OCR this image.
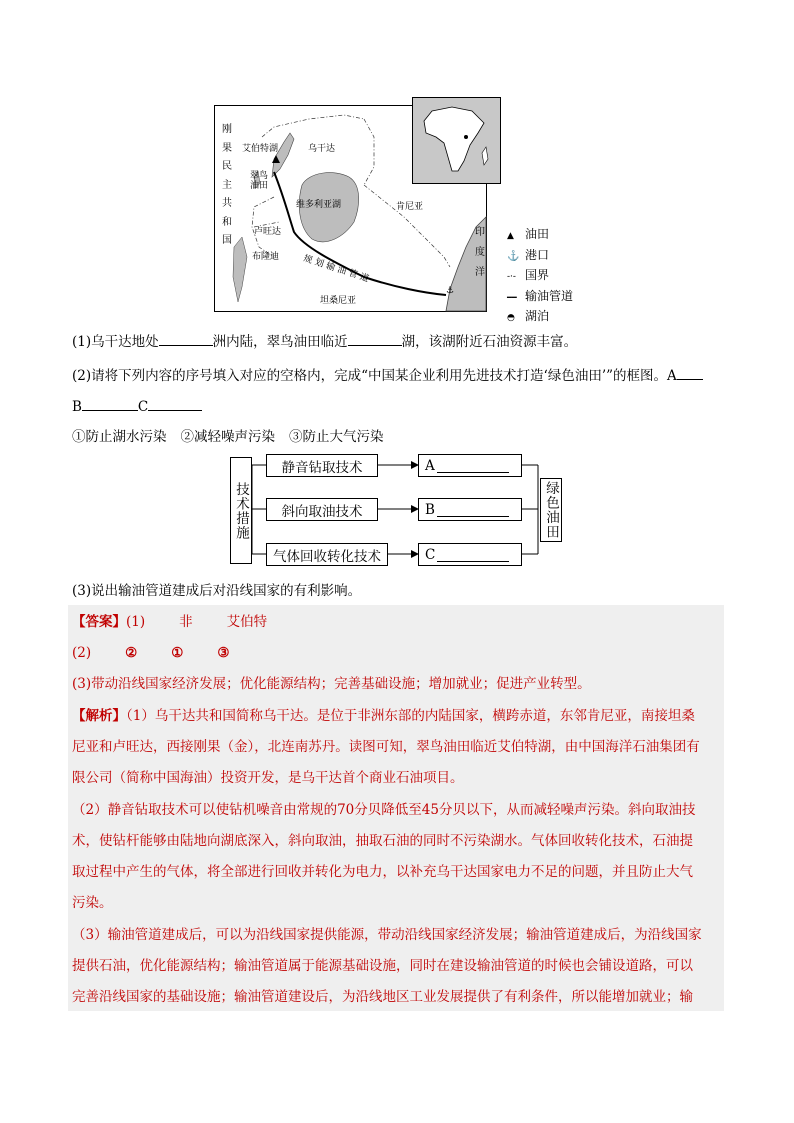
⚓
刚
果
民
主
共
和
国
艾伯特湖
翠鸟
油田
乌干达
维多利亚湖	肯尼亚
卢旺达
布隆迪
坦桑尼亚
规 划 输 油 管 道
印
度
洋
▲ 油田
⚓ 港口
-·- 国界
━━ 输油管道
◓ 湖泊
(1)乌干达地处	洲内陆，翠鸟油田临近	湖，该湖附近石油资源丰富。
(2)请将下列内容的序号填入对应的空格内，完成“中国某企业利用先进技术打造‘绿色油田’”的框图。A
B	C
①防止湖水污染 ②减轻噪声污染 ③防止大气污染
技术措施
静音钻取技术
斜向取油技术
气体回收转化技术
A
B
C
绿色油田
(3)说出输油管道建成后对沿线国家的有利影响。
【答案】(1)	非	艾伯特
(2)	②	①	③
(3)带动沿线国家经济发展；优化能源结构；完善基础设施；增加就业；促进产业转型。
【解析】（1）乌干达共和国简称乌干达。是位于非洲东部的内陆国家，横跨赤道，东邻肯尼亚，南接坦桑
尼亚和卢旺达，西接刚果（金），北连南苏丹。读图可知，翠鸟油田临近艾伯特湖，由中国海洋石油集团有
限公司（简称中国海油）投资开发，是乌干达首个商业石油项目。
（2）静音钻取技术可以使钻机噪音由常规的70分贝降低至45分贝以下，从而减轻噪声污染。斜向取油技
术，使钻杆能够由陆地向湖底深入，斜向取油，抽取石油的同时不污染湖水。气体回收转化技术，石油提
取过程中产生的气体，将全部进行回收并转化为电力，以补充乌干达国家电力不足的问题，并且防止大气
污染。
（3）输油管道建成后，可以为沿线国家提供能源，带动沿线国家经济发展；输油管道建成后，为沿线国家
提供石油，优化能源结构；输油管道属于能源基础设施，同时在建设输油管道的时候也会铺设道路，可以
完善沿线国家的基础设施；输油管道建设后，为沿线地区工业发展提供了有利条件，所以能增加就业；输
